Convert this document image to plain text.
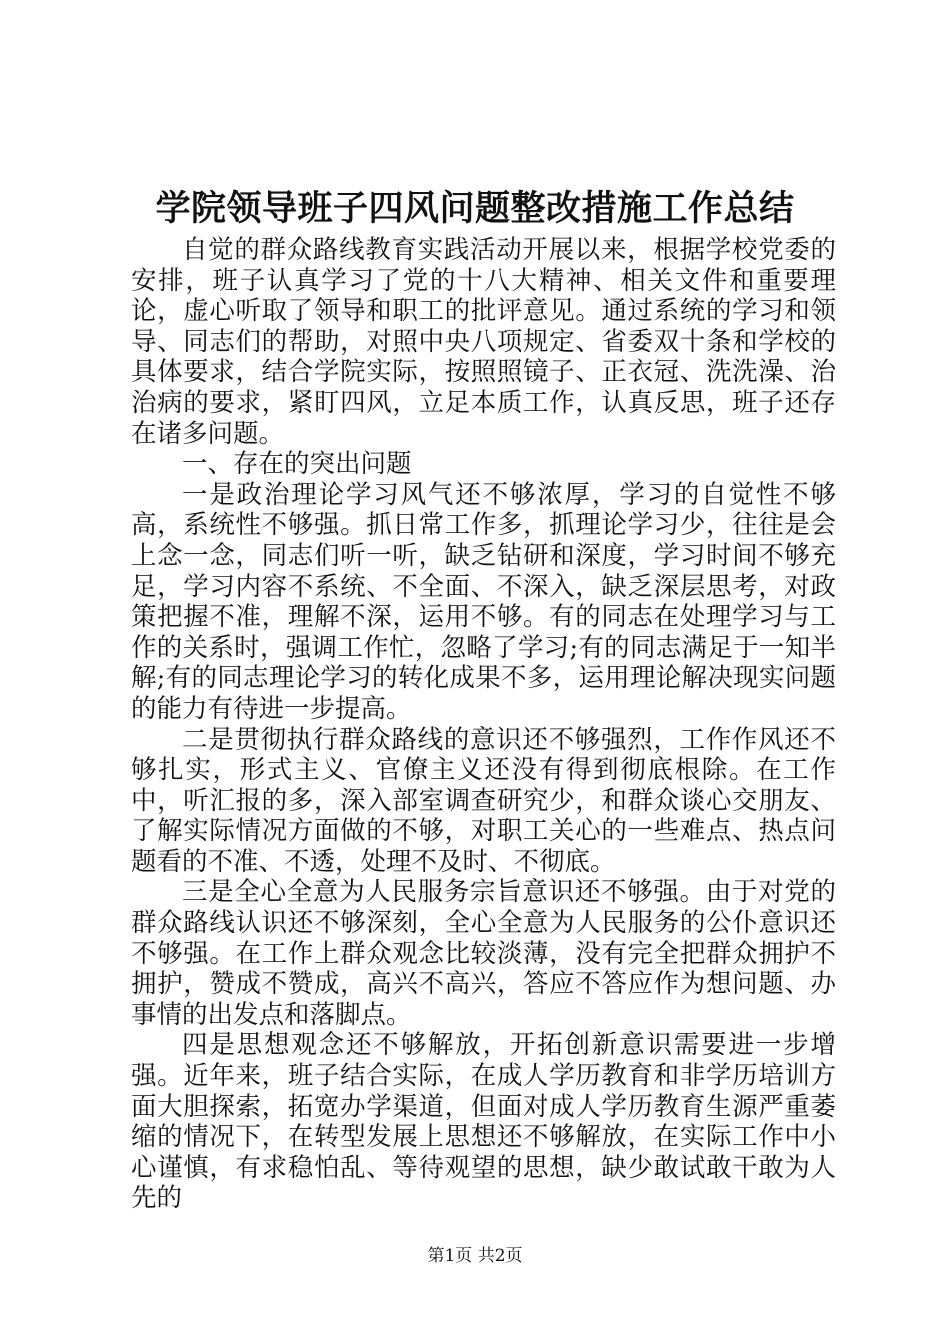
学院领导班子四风问题整改措施工作总结

自觉的群众路线教育实践活动开展以来，根据学校党委的安排，班子认真学习了党的十八大精神、相关文件和重要理论，虚心听取了领导和职工的批评意见。通过系统的学习和领导、同志们的帮助，对照中央八项规定、省委双十条和学校的具体要求，结合学院实际，按照照镜子、正衣冠、洗洗澡、治治病的要求，紧盯四风，立足本质工作，认真反思，班子还存在诸多问题。

一、存在的突出问题

一是政治理论学习风气还不够浓厚，学习的自觉性不够高，系统性不够强。抓日常工作多，抓理论学习少，往往是会上念一念，同志们听一听，缺乏钻研和深度，学习时间不够充足，学习内容不系统、不全面、不深入，缺乏深层思考，对政策把握不准，理解不深，运用不够。有的同志在处理学习与工作的关系时，强调工作忙，忽略了学习;有的同志满足于一知半解;有的同志理论学习的转化成果不多，运用理论解决现实问题的能力有待进一步提高。

二是贯彻执行群众路线的意识还不够强烈，工作作风还不够扎实，形式主义、官僚主义还没有得到彻底根除。在工作中，听汇报的多，深入部室调查研究少，和群众谈心交朋友、了解实际情况方面做的不够，对职工关心的一些难点、热点问题看的不准、不透，处理不及时、不彻底。

三是全心全意为人民服务宗旨意识还不够强。由于对党的群众路线认识还不够深刻，全心全意为人民服务的公仆意识还不够强。在工作上群众观念比较淡薄，没有完全把群众拥护不拥护，赞成不赞成，高兴不高兴，答应不答应作为想问题、办事情的出发点和落脚点。

四是思想观念还不够解放，开拓创新意识需要进一步增强。近年来，班子结合实际，在成人学历教育和非学历培训方面大胆探索，拓宽办学渠道，但面对成人学历教育生源严重萎缩的情况下，在转型发展上思想还不够解放，在实际工作中小心谨慎，有求稳怕乱、等待观望的思想，缺少敢试敢干敢为人先的

第1页 共2页
